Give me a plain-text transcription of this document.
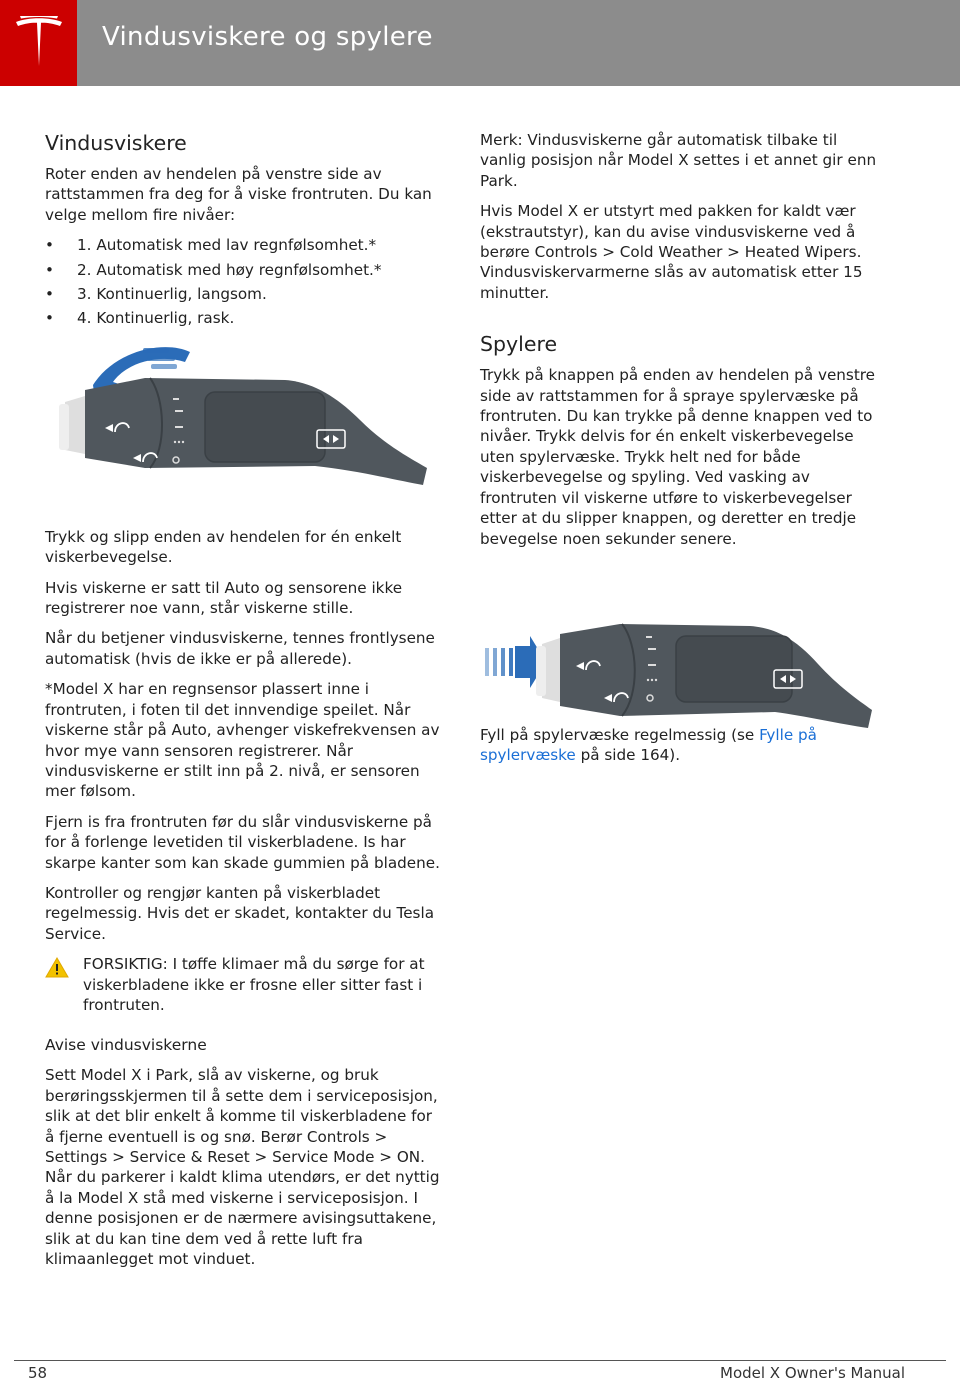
Vindusviskere og spylere
Vindusviskere

Roter enden av hendelen på venstre side av rattstammen fra deg for å viske frontruten. Du kan velge mellom fire nivåer:

• 1. Automatisk med lav regnfølsomhet.*
• 2. Automatisk med høy regnfølsomhet.*
• 3. Kontinuerlig, langsom.
• 4. Kontinuerlig, rask.

Trykk og slipp enden av hendelen for én enkelt viskerbevegelse.

Hvis viskerne er satt til Auto og sensorene ikke registrerer noe vann, står viskerne stille.

Når du betjener vindusviskerne, tennes frontlysene automatisk (hvis de ikke er på allerede).

*Model X har en regnsensor plassert inne i frontruten, i foten til det innvendige speilet. Når viskerne står på Auto, avhenger viskefrekvensen av hvor mye vann sensoren registrerer. Når vindusviskerne er stilt inn på 2. nivå, er sensoren mer følsom.

Fjern is fra frontruten før du slår vindusviskerne på for å forlenge levetiden til viskerbladene. Is har skarpe kanter som kan skade gummien på bladene.

Kontroller og rengjør kanten på viskerbladet regelmessig. Hvis det er skadet, kontakter du Tesla Service.

FORSIKTIG: I tøffe klimaer må du sørge for at viskerbladene ikke er frosne eller sitter fast i frontruten.
Avise vindusviskerne

Sett Model X i Park, slå av viskerne, og bruk berøringsskjermen til å sette dem i serviceposisjon, slik at det blir enkelt å komme til viskerbladene for å fjerne eventuell is og snø. Berør Controls > Settings > Service & Reset > Service Mode > ON. Når du parkerer i kaldt klima utendørs, er det nyttig å la Model X stå med viskerne i serviceposisjon. I denne posisjonen er de nærmere avisingsuttakene, slik at du kan tine dem ved å rette luft fra klimaanlegget mot vinduet.

Merk: Vindusviskerne går automatisk tilbake til vanlig posisjon når Model X settes i et annet gir enn Park.

Hvis Model X er utstyrt med pakken for kaldt vær (ekstrautstyr), kan du avise vindusviskerne ved å berøre Controls > Cold Weather > Heated Wipers. Vindusviskervarmerne slås av automatisk etter 15 minutter.

Spylere

Trykk på knappen på enden av hendelen på venstre side av rattstammen for å spraye spylervæske på frontruten. Du kan trykke på denne knappen ved to nivåer. Trykk delvis for én enkelt viskerbevegelse uten spylervæske. Trykk helt ned for både viskerbevegelse og spyling. Ved vasking av frontruten vil viskerne utføre to viskerbevegelser etter at du slipper knappen, og deretter en tredje bevegelse noen sekunder senere.

Fyll på spylervæske regelmessig (se Fylle på spylervæske på side 164).

58	Model X Owner's Manual
